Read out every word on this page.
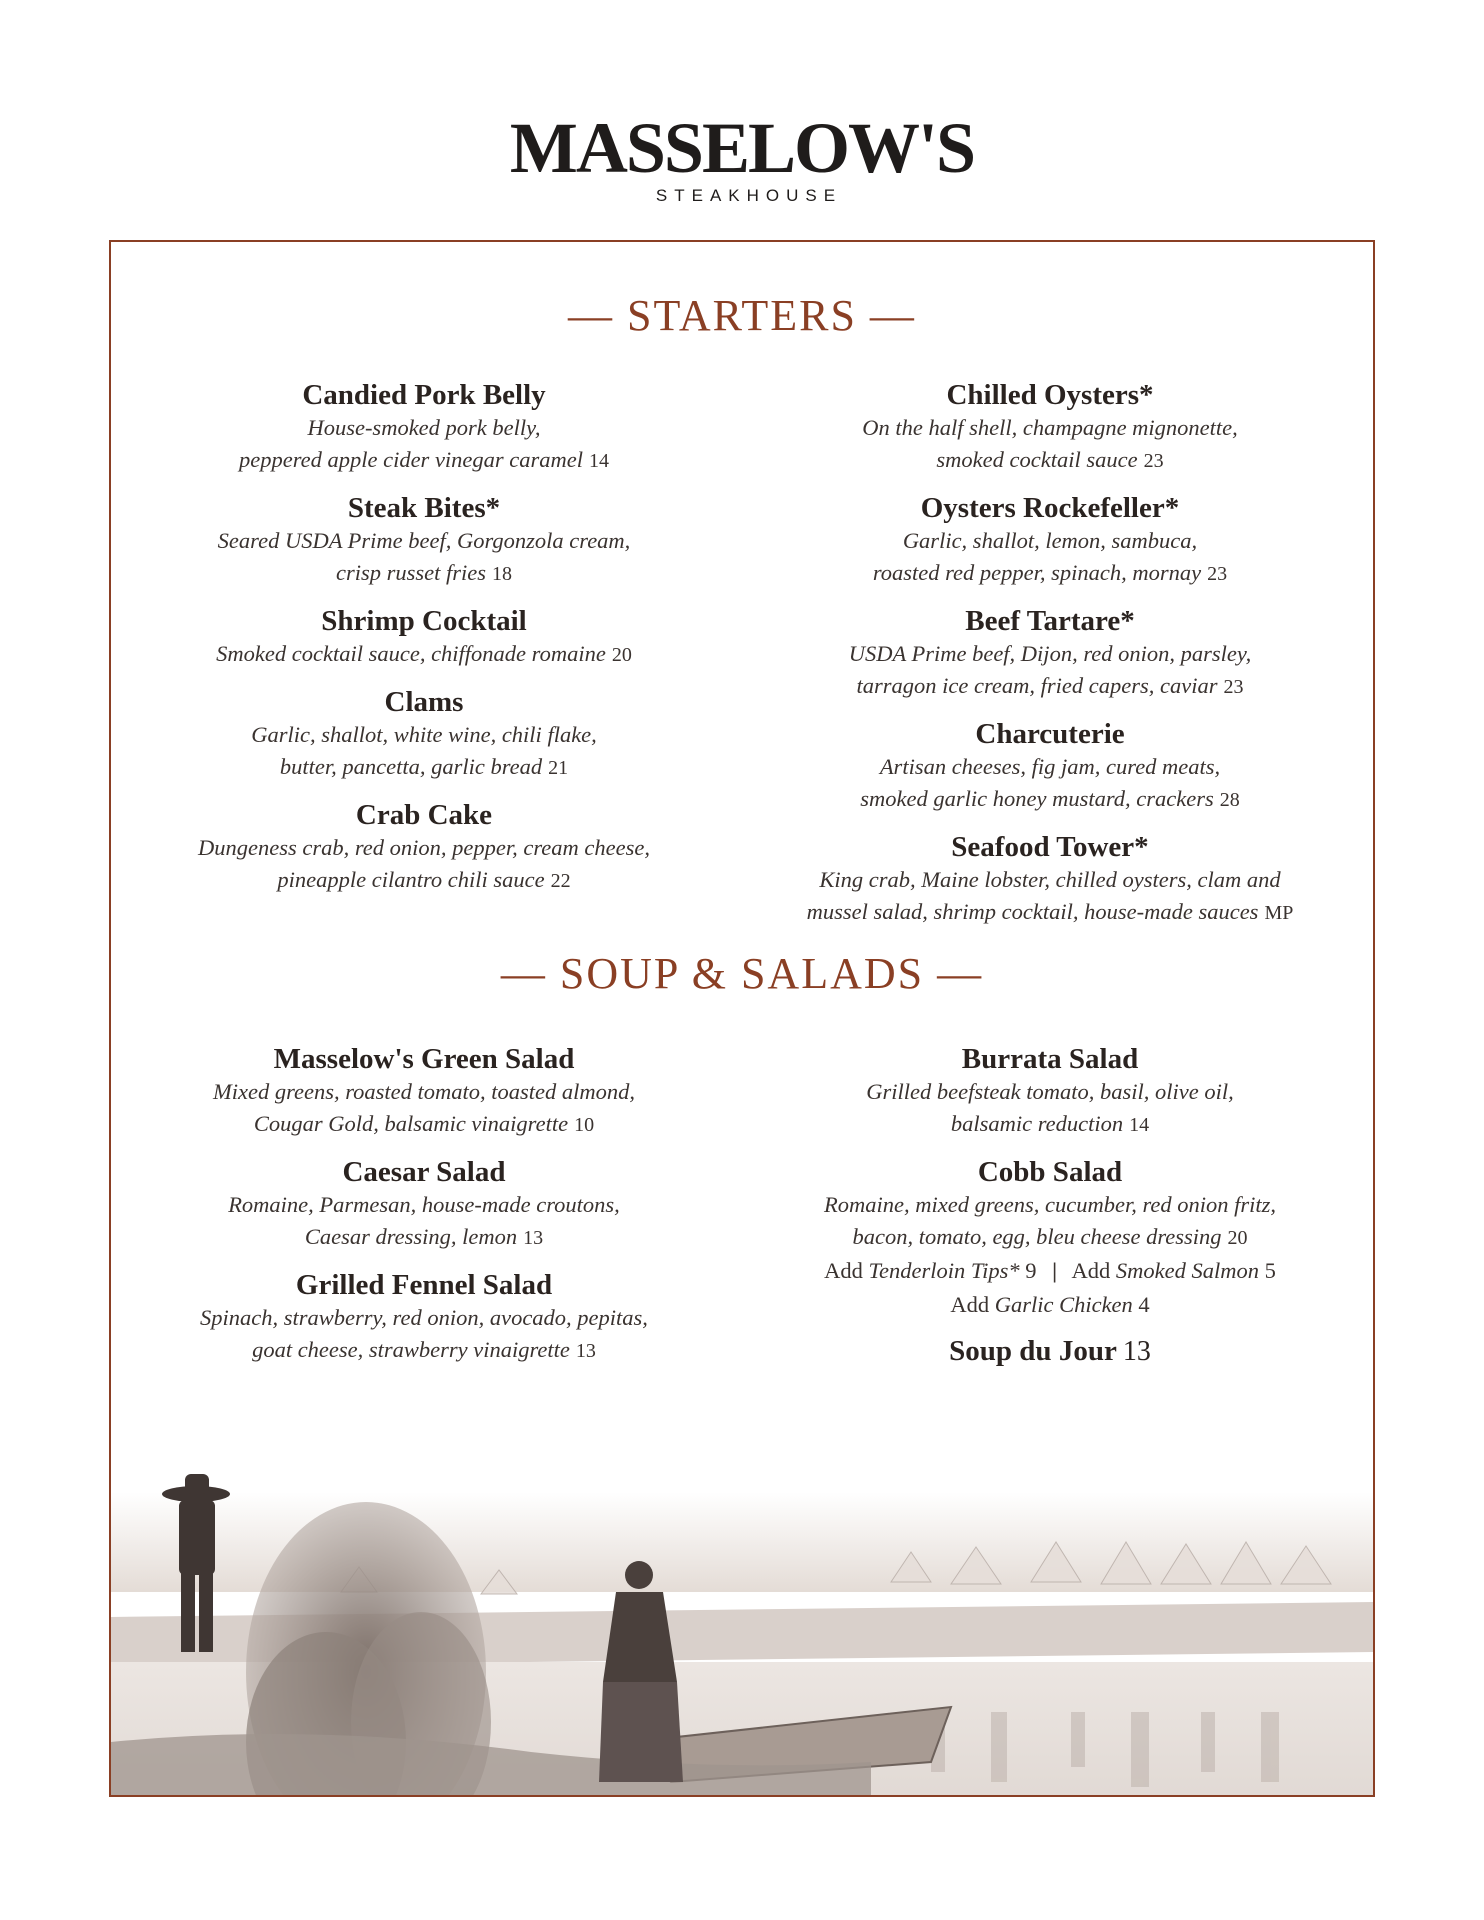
MASSELOW'S
STEAKHOUSE
— STARTERS —
Candied Pork Belly
House-smoked pork belly,
peppered apple cider vinegar caramel 14
Steak Bites*
Seared USDA Prime beef, Gorgonzola cream,
crisp russet fries 18
Shrimp Cocktail
Smoked cocktail sauce, chiffonade romaine 20
Clams
Garlic, shallot, white wine, chili flake,
butter, pancetta, garlic bread 21
Crab Cake
Dungeness crab, red onion, pepper, cream cheese,
pineapple cilantro chili sauce 22
Chilled Oysters*
On the half shell, champagne mignonette,
smoked cocktail sauce 23
Oysters Rockefeller*
Garlic, shallot, lemon, sambuca,
roasted red pepper, spinach, mornay 23
Beef Tartare*
USDA Prime beef, Dijon, red onion, parsley,
tarragon ice cream, fried capers, caviar 23
Charcuterie
Artisan cheeses, fig jam, cured meats,
smoked garlic honey mustard, crackers 28
Seafood Tower*
King crab, Maine lobster, chilled oysters, clam and
mussel salad, shrimp cocktail, house-made sauces MP
— SOUP & SALADS —
Masselow's Green Salad
Mixed greens, roasted tomato, toasted almond,
Cougar Gold, balsamic vinaigrette 10
Caesar Salad
Romaine, Parmesan, house-made croutons,
Caesar dressing, lemon 13
Grilled Fennel Salad
Spinach, strawberry, red onion, avocado, pepitas,
goat cheese, strawberry vinaigrette 13
Burrata Salad
Grilled beefsteak tomato, basil, olive oil,
balsamic reduction 14
Cobb Salad
Romaine, mixed greens, cucumber, red onion fritz,
bacon, tomato, egg, bleu cheese dressing 20
Add Tenderloin Tips* 9 | Add Smoked Salmon 5
Add Garlic Chicken 4
Soup du Jour 13
